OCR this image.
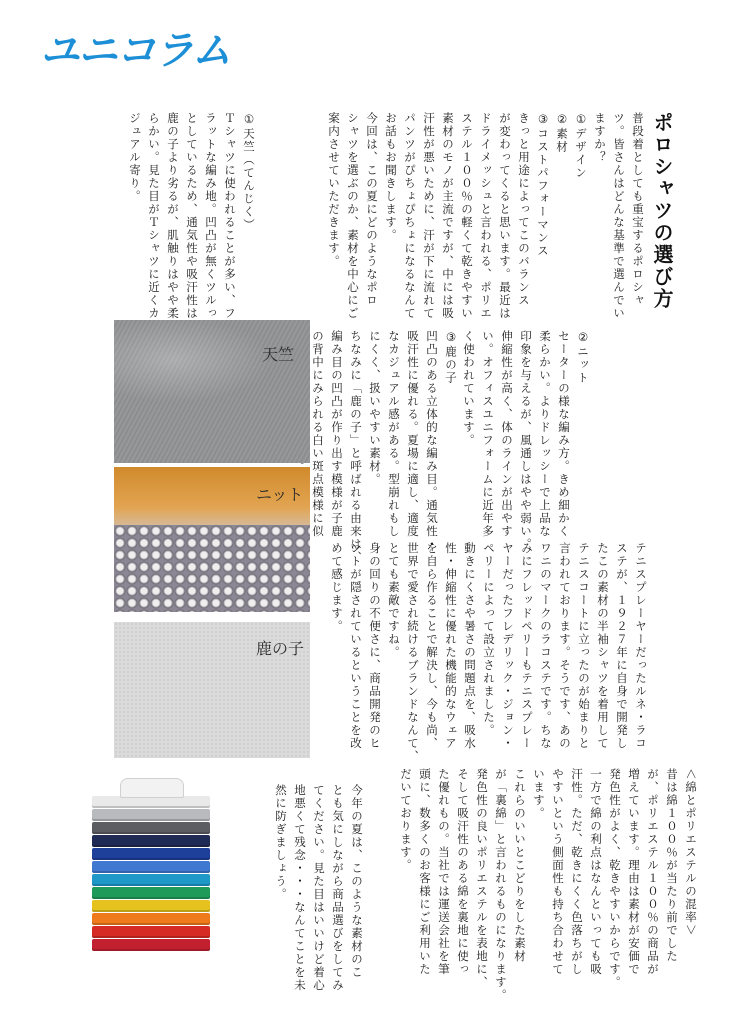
ユニコラム
ポロシャツの選び方

普段着としても重宝するポロシャ

ツ。皆さんはどんな基準で選んでい

ますか？

①デザイン

②素材

③コストパフォーマンス

きっと用途によってこのバランス

が変わってくると思います。最近は

ドライメッシュと言われる、ポリエ

ステル１００％の軽くて乾きやすい

素材のモノが主流ですが、中には吸

汗性が悪いために、汗が下に流れて

パンツがぴちょぴちょになるなんて

お話もお聞きします。

今回は、この夏にどのようなポロ

シャツを選ぶのか、素材を中心にご

案内させていただきます。

②ニット

セーターの様な編み方。きめ細かく

柔らかい。よりドレッシーで上品な

印象を与えるが、風通しはやや弱い。

伸縮性が高く、体のラインが出やす

い。オフィスユニフォームに近年多

く使われています。

③鹿の子

凹凸のある立体的な編み目。通気性・

吸汗性に優れる。夏場に適し、適度

なカジュアル感がある。型崩れもし

にくく、扱いやすい素材。

ちなみに「鹿の子」と呼ばれる由来は、

編み目の凹凸が作り出す模様が子鹿

の背中にみられる白い斑点模様に似

テニスプレーヤーだったルネ・ラコ

ステが、１９２７年に自身で開発し

たこの素材の半袖シャツを着用して

テニスコートに立ったのが始まりと

言われております。そうです、あの

ワニのマークのラコステです。ちな

みにフレッドペリーもテニスプレー

ヤーだったフレデリック・ジョン・

ペリーによって設立されました。

動きにくさや暑さの問題点を、吸水

性・伸縮性に優れた機能的なウェア

を自ら作ることで解決し、今も尚、

世界で愛され続けるブランドなんて、

とても素敵ですね。

身の回りの不便さに、商品開発のヒ

ントが隠されているということを改

めて感じます。

＜綿とポリエステルの混率＞

昔は綿１００％が当たり前でした

が、ポリエステル１００％の商品が

増えています。理由は素材が安価で

発色性がよく、乾きやすいからです。

一方で綿の利点はなんといっても吸

汗性。ただ、乾きにくく色落ちがし

やすいという側面性も持ち合わせて

います。

これらのいいとこどりをした素材

が「裏綿」と言われるものになります。

発色性の良いポリエステルを表地に、

そして吸汗性のある綿を裏地に使っ

た優れもの。当社では運送会社を筆

頭に、数多くのお客様にご利用いた

だいております。

今年の夏は、このような素材のこ

とも気にしながら商品選びをしてみ

てください。見た目はいいけど着心

地悪くて残念・・・なんてことを未

然に防ぎましょう。

①天竺（てんじく）

Ｔシャツに使われることが多い、フ

ラットな編み地。凹凸が無くツルっ

としているため、通気性や吸汗性は

鹿の子より劣るが、肌触りはやや柔

らかい。見た目がＴシャツに近くカ

ジュアル寄り。

天竺
ニット
鹿の子
